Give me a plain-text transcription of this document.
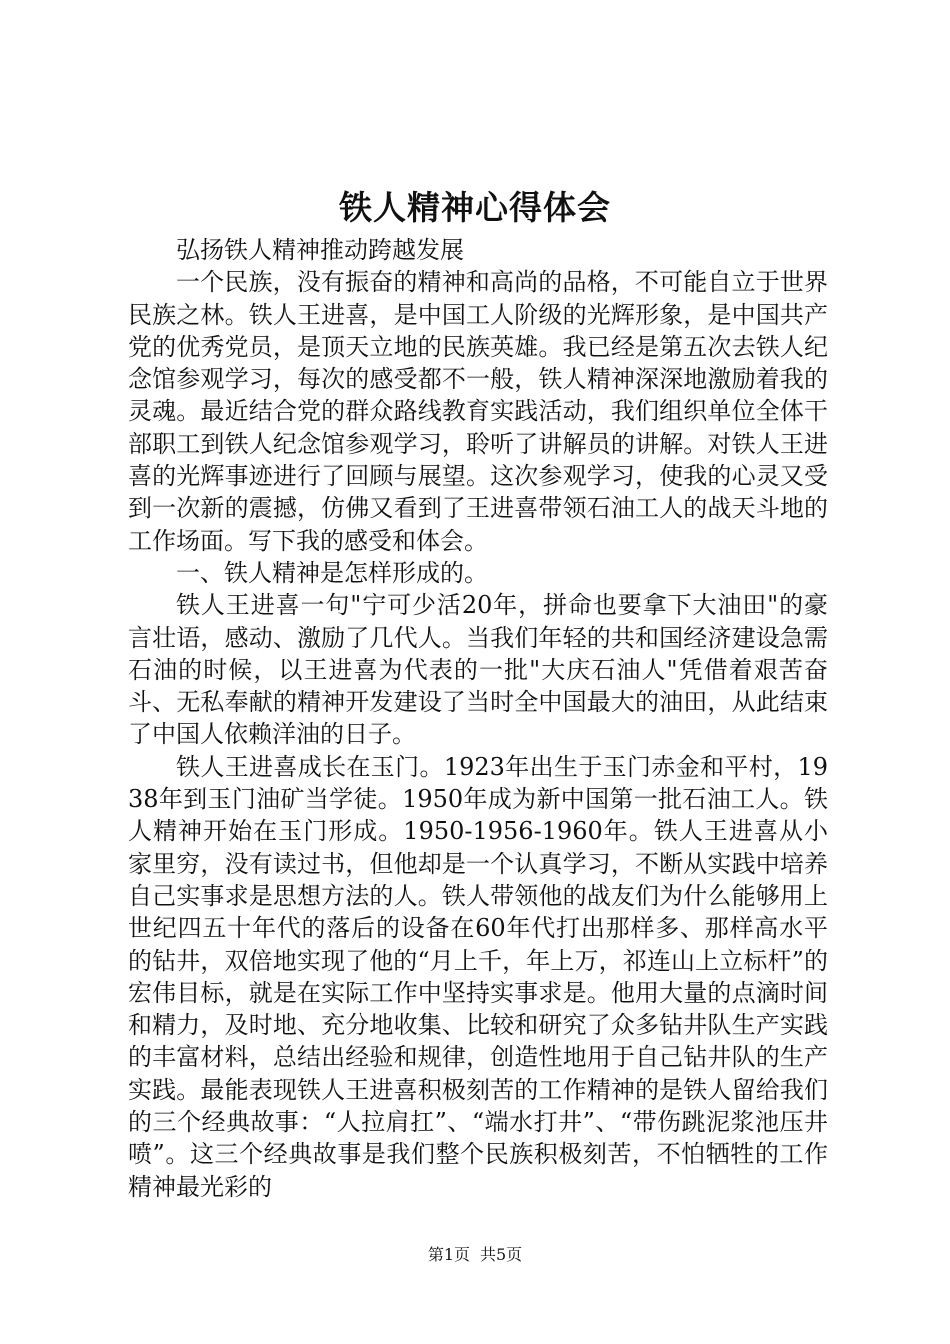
铁人精神心得体会

弘扬铁人精神推动跨越发展

一个民族，没有振奋的精神和高尚的品格，不可能自立于世界民族之林。铁人王进喜，是中国工人阶级的光辉形象，是中国共产党的优秀党员，是顶天立地的民族英雄。我已经是第五次去铁人纪念馆参观学习，每次的感受都不一般，铁人精神深深地激励着我的灵魂。最近结合党的群众路线教育实践活动，我们组织单位全体干部职工到铁人纪念馆参观学习，聆听了讲解员的讲解。对铁人王进喜的光辉事迹进行了回顾与展望。这次参观学习，使我的心灵又受到一次新的震撼，仿佛又看到了王进喜带领石油工人的战天斗地的工作场面。写下我的感受和体会。

一、铁人精神是怎样形成的。

铁人王进喜一句"宁可少活20年，拼命也要拿下大油田"的豪言壮语，感动、激励了几代人。当我们年轻的共和国经济建设急需石油的时候，以王进喜为代表的一批"大庆石油人"凭借着艰苦奋斗、无私奉献的精神开发建设了当时全中国最大的油田，从此结束了中国人依赖洋油的日子。

铁人王进喜成长在玉门。1923年出生于玉门赤金和平村，1938年到玉门油矿当学徒。1950年成为新中国第一批石油工人。铁人精神开始在玉门形成。1950-1956-1960年。铁人王进喜从小家里穷，没有读过书，但他却是一个认真学习，不断从实践中培养自己实事求是思想方法的人。铁人带领他的战友们为什么能够用上世纪四五十年代的落后的设备在60年代打出那样多、那样高水平的钻井，双倍地实现了他的“月上千，年上万，祁连山上立标杆”的宏伟目标，就是在实际工作中坚持实事求是。他用大量的点滴时间和精力，及时地、充分地收集、比较和研究了众多钻井队生产实践的丰富材料，总结出经验和规律，创造性地用于自己钻井队的生产实践。最能表现铁人王进喜积极刻苦的工作精神的是铁人留给我们的三个经典故事：“人拉肩扛”、“端水打井”、“带伤跳泥浆池压井喷”。这三个经典故事是我们整个民族积极刻苦，不怕牺牲的工作精神最光彩的

第1页 共5页
